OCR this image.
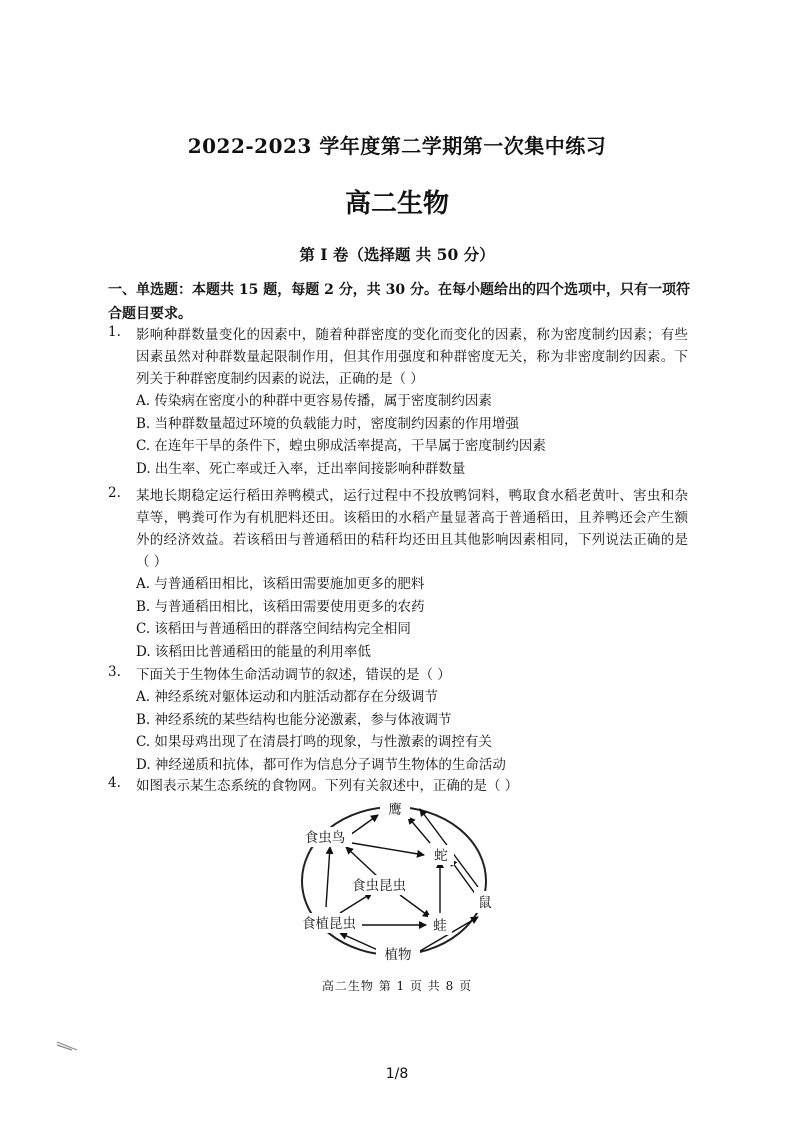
2022-2023 学年度第二学期第一次集中练习
高二生物
第 I 卷（选择题 共 50 分）
一、单选题：本题共 15 题，每题 2 分，共 30 分。在每小题给出的四个选项中，只有一项符合题目要求。
1. 影响种群数量变化的因素中，随着种群密度的变化而变化的因素，称为密度制约因素；有些因素虽然对种群数量起限制作用，但其作用强度和种群密度无关，称为非密度制约因素。下列关于种群密度制约因素的说法，正确的是（ ）
A. 传染病在密度小的种群中更容易传播，属于密度制约因素
B. 当种群数量超过环境的负载能力时，密度制约因素的作用增强
C. 在连年干旱的条件下，蝗虫卵成活率提高，干旱属于密度制约因素
D. 出生率、死亡率或迁入率，迁出率间接影响种群数量
2. 某地长期稳定运行稻田养鸭模式，运行过程中不投放鸭饲料，鸭取食水稻老黄叶、害虫和杂草等，鸭粪可作为有机肥料还田。该稻田的水稻产量显著高于普通稻田，且养鸭还会产生额外的经济效益。若该稻田与普通稻田的秸秆均还田且其他影响因素相同，下列说法正确的是（ ）
A. 与普通稻田相比，该稻田需要施加更多的肥料
B. 与普通稻田相比，该稻田需要使用更多的农药
C. 该稻田与普通稻田的群落空间结构完全相同
D. 该稻田比普通稻田的能量的利用率低
3. 下面关于生物体生命活动调节的叙述，错误的是（ ）
A. 神经系统对躯体运动和内脏活动都存在分级调节
B. 神经系统的某些结构也能分泌激素，参与体液调节
C. 如果母鸡出现了在清晨打鸣的现象，与性激素的调控有关
D. 神经递质和抗体，都可作为信息分子调节生物体的生命活动
4. 如图表示某生态系统的食物网。下列有关叙述中，正确的是（ ）
鹰
食虫鸟
蛇
食虫昆虫
鼠
食植昆虫	蛙
植物
高二生物 第 1 页 共 8 页
1/8
